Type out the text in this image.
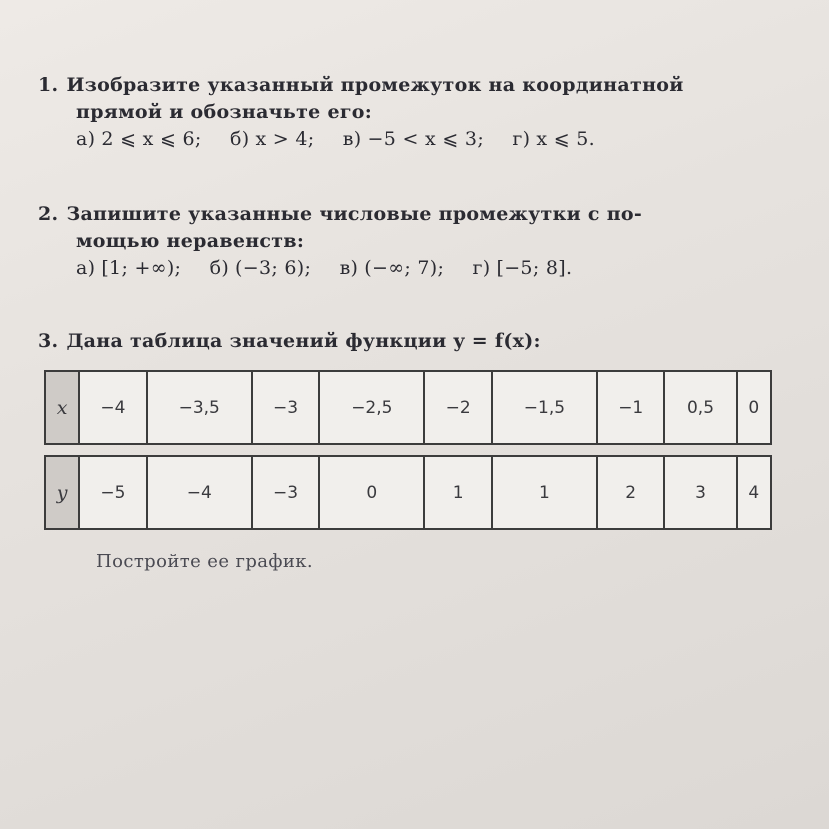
1. Изобразите указанный промежуток на координатной
прямой и обозначьте его:
а) 2 ⩽ x ⩽ 6; б) x > 4; в) −5 < x ⩽ 3; г) x ⩽ 5.
2. Запишите указанные числовые промежутки с по-
мощью неравенств:
а) [1; +∞); б) (−3; 6); в) (−∞; 7); г) [−5; 8].
3. Дана таблица значений функции y = f(x):
x	−4	−3,5	−3	−2,5	−2	−1,5	−1	0,5	0

y	−5	−4	−3	0	1	1	2	3	4
Постройте ее график.
